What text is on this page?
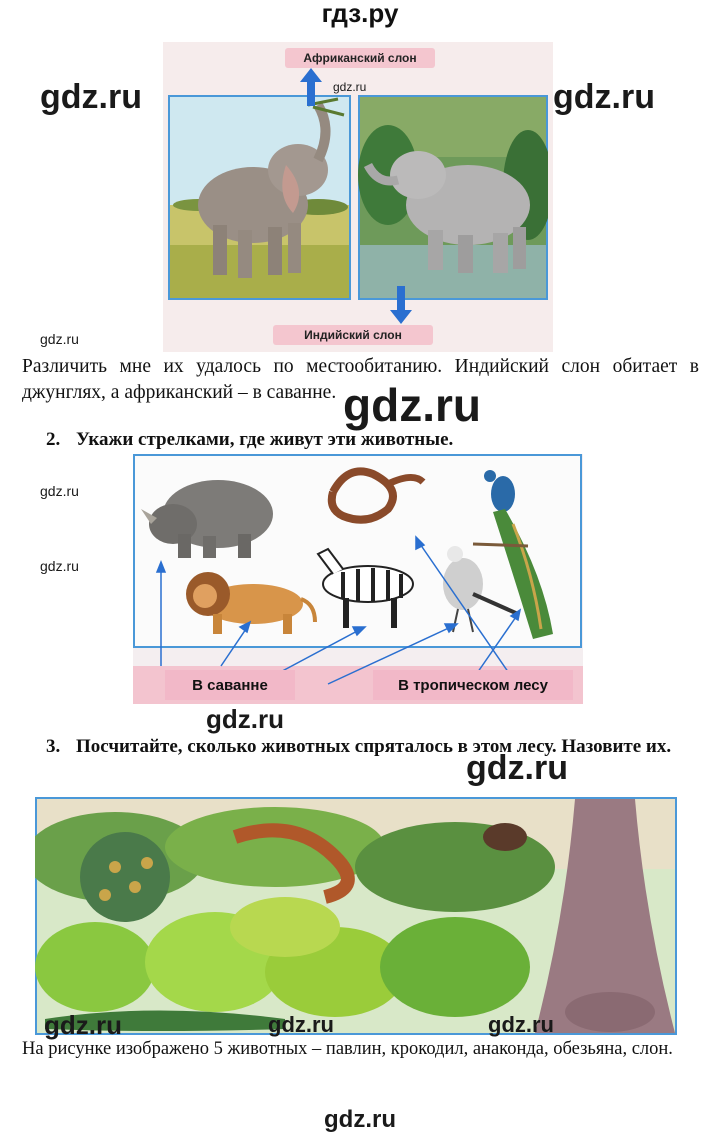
гдз.ру
gdz.ru	gdz.ru
gdz.ru
gdz.ru
gdz.ru
gdz.ru
gdz.ru
gdz.ru
Африканский слон
Индийский слон
gdz.ru
Различить мне их удалось по местообитанию. Индийский слон обитает в джунглях, а африканский – в саванне.
2. Укажи стрелками, где живут эти животные.
В саванне	В тропическом лесу
3. Посчитайте, сколько животных спряталось в этом лесу. Назовите их.
gdz.ru	gdz.ru	gdz.ru
На рисунке изображено 5 животных – павлин, крокодил, анаконда, обезьяна, слон.
gdz.ru
